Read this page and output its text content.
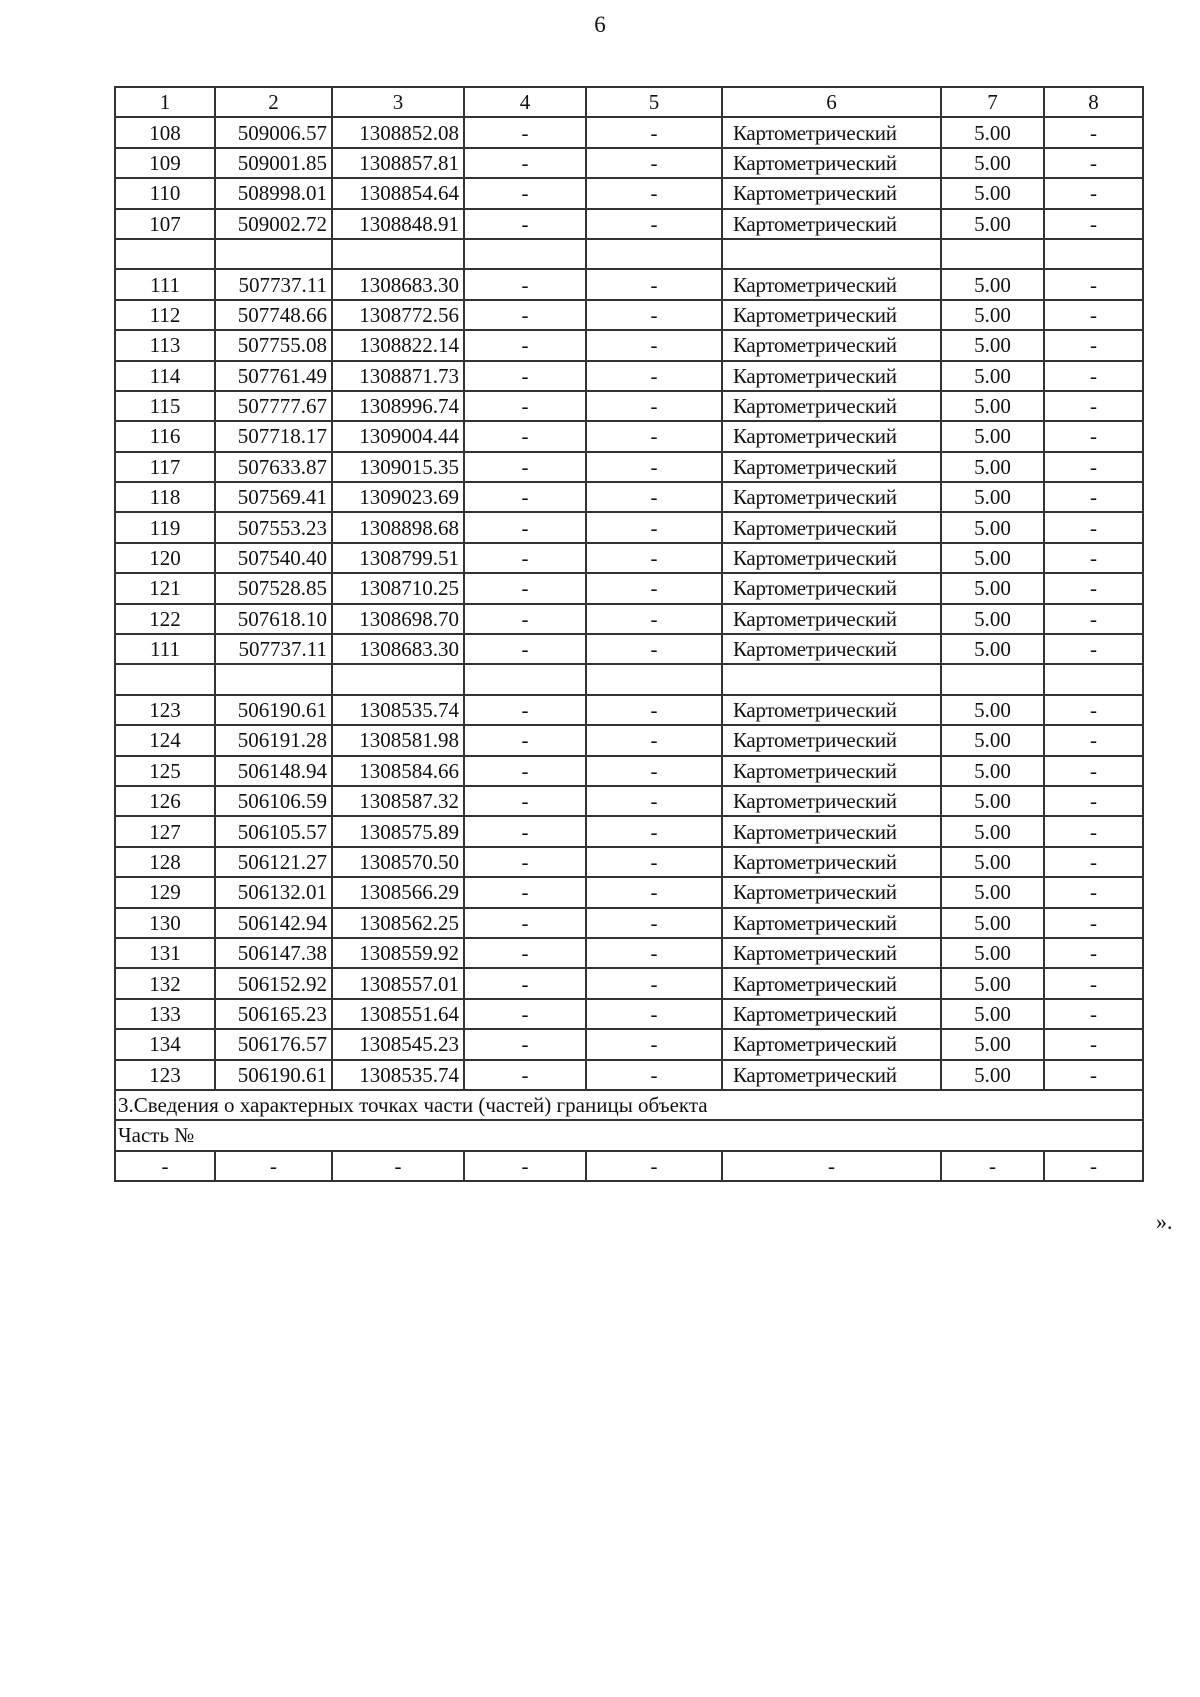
6
1	2	3	4	5	6	7	8
108	509006.57	1308852.08	-	-	Картометрический	5.00	-
109	509001.85	1308857.81	-	-	Картометрический	5.00	-
110	508998.01	1308854.64	-	-	Картометрический	5.00	-
107	509002.72	1308848.91	-	-	Картометрический	5.00	-

111	507737.11	1308683.30	-	-	Картометрический	5.00	-
112	507748.66	1308772.56	-	-	Картометрический	5.00	-
113	507755.08	1308822.14	-	-	Картометрический	5.00	-
114	507761.49	1308871.73	-	-	Картометрический	5.00	-
115	507777.67	1308996.74	-	-	Картометрический	5.00	-
116	507718.17	1309004.44	-	-	Картометрический	5.00	-
117	507633.87	1309015.35	-	-	Картометрический	5.00	-
118	507569.41	1309023.69	-	-	Картометрический	5.00	-
119	507553.23	1308898.68	-	-	Картометрический	5.00	-
120	507540.40	1308799.51	-	-	Картометрический	5.00	-
121	507528.85	1308710.25	-	-	Картометрический	5.00	-
122	507618.10	1308698.70	-	-	Картометрический	5.00	-
111	507737.11	1308683.30	-	-	Картометрический	5.00	-

123	506190.61	1308535.74	-	-	Картометрический	5.00	-
124	506191.28	1308581.98	-	-	Картометрический	5.00	-
125	506148.94	1308584.66	-	-	Картометрический	5.00	-
126	506106.59	1308587.32	-	-	Картометрический	5.00	-
127	506105.57	1308575.89	-	-	Картометрический	5.00	-
128	506121.27	1308570.50	-	-	Картометрический	5.00	-
129	506132.01	1308566.29	-	-	Картометрический	5.00	-
130	506142.94	1308562.25	-	-	Картометрический	5.00	-
131	506147.38	1308559.92	-	-	Картометрический	5.00	-
132	506152.92	1308557.01	-	-	Картометрический	5.00	-
133	506165.23	1308551.64	-	-	Картометрический	5.00	-
134	506176.57	1308545.23	-	-	Картометрический	5.00	-
123	506190.61	1308535.74	-	-	Картометрический	5.00	-
3.Сведения о характерных точках части (частей) границы объекта							
Часть №							
-	-	-	-	-	-	-	-
».
